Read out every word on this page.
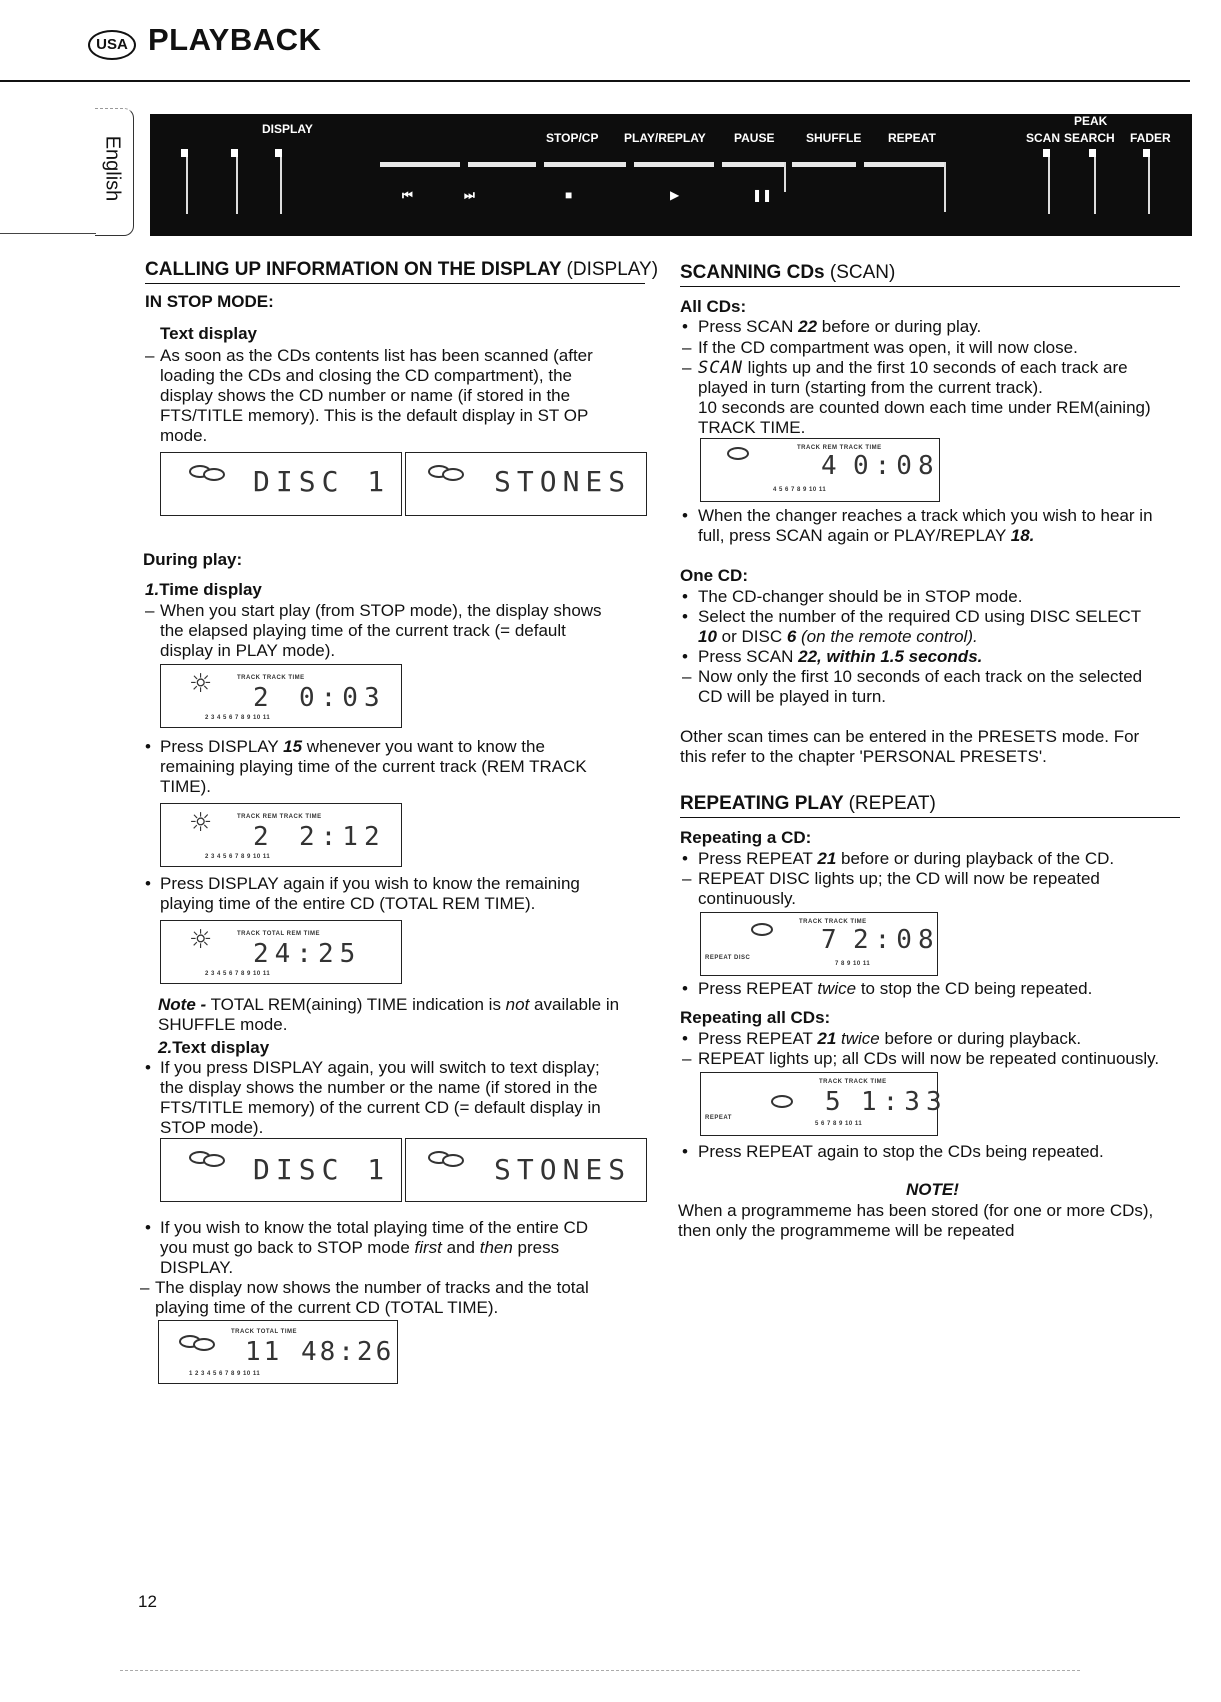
USA PLAYBACK
English
DISPLAY
STOP/CP PLAY/REPLAY PAUSE	SHUFFLE REPEAT
⏮	⏭	■	▶	❚❚
PEAK
SCAN SEARCH FADER
CALLING UP INFORMATION ON THE DISPLAY (DISPLAY)
IN STOP MODE:
Text display
– As soon as the CDs contents list has been scanned (after
loading the CDs and closing the CD compartment), the
display shows the CD number or name (if stored in the
FTS/TITLE memory). This is the default display in ST OP
mode.
DISC 1	STONES
During play:
1.Time display
– When you start play (from STOP mode), the display shows
the elapsed playing time of the current track (= default
display in PLAY mode).
☼	TRACK TRACK TIME
2 0:03
2 3 4 5 6 7 8 9 10 11
• Press DISPLAY 15 whenever you want to know the
remaining playing time of the current track (REM TRACK
TIME).
☼	TRACK REM TRACK TIME
2 2:12
2 3 4 5 6 7 8 9 10 11
• Press DISPLAY again if you wish to know the remaining
playing time of the entire CD (TOTAL REM TIME).
☼	TRACK TOTAL REM TIME
24:25
2 3 4 5 6 7 8 9 10 11
Note - TOTAL REM(aining) TIME indication is not available in
SHUFFLE mode.
2.Text display
• If you press DISPLAY again, you will switch to text display;
the display shows the number or the name (if stored in the
FTS/TITLE memory) of the current CD (= default display in
STOP mode).
DISC 1	STONES
• If you wish to know the total playing time of the entire CD
you must go back to STOP mode first and then press
DISPLAY.
– The display now shows the number of tracks and the total
playing time of the current CD (TOTAL TIME).
TRACK TOTAL TIME
11 48:26
1 2 3 4 5 6 7 8 9 10 11
SCANNING CDs (SCAN)
All CDs:
• Press SCAN 22 before or during play.
– If the CD compartment was open, it will now close.
– SCAN lights up and the first 10 seconds of each track are
played in turn (starting from the current track).
10 seconds are counted down each time under REM(aining)
TRACK TIME.
TRACK REM TRACK TIME
4 0:08
4 5 6 7 8 9 10 11
• When the changer reaches a track which you wish to hear in
full, press SCAN again or PLAY/REPLAY 18.
One CD:
• The CD-changer should be in STOP mode.
• Select the number of the required CD using DISC SELECT
10 or DISC 6 (on the remote control).
• Press SCAN 22, within 1.5 seconds.
– Now only the first 10 seconds of each track on the selected
CD will be played in turn.
Other scan times can be entered in the PRESETS mode. For
this refer to the chapter 'PERSONAL PRESETS'.
REPEATING PLAY (REPEAT)
Repeating a CD:
• Press REPEAT 21 before or during playback of the CD.
– REPEAT DISC lights up; the CD will now be repeated
continuously.
TRACK TRACK TIME
7 2:08
REPEAT DISC
7 8 9 10 11
• Press REPEAT twice to stop the CD being repeated.
Repeating all CDs:
• Press REPEAT 21 twice before or during playback.
– REPEAT lights up; all CDs will now be repeated continuously.
TRACK TRACK TIME
5 1:33
REPEAT
5 6 7 8 9 10 11
• Press REPEAT again to stop the CDs being repeated.
NOTE!
When a programmeme has been stored (for one or more CDs),
then only the programmeme will be repeated
12
